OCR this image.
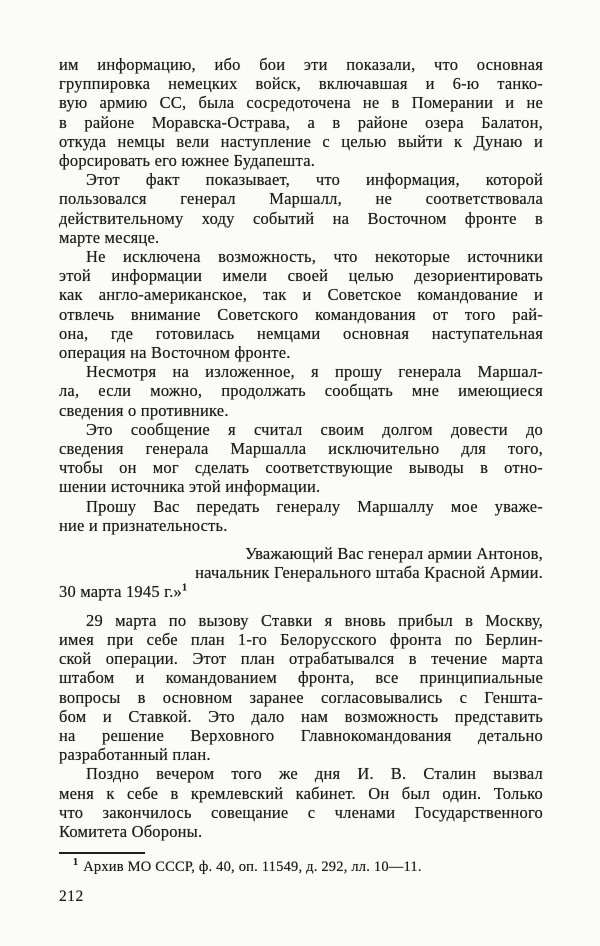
им информацию, ибо бои эти показали, что основная
группировка немецких войск, включавшая и 6-ю танко-
вую армию СС, была сосредоточена не в Померании и не
в районе Моравска-Острава, а в районе озера Балатон,
откуда немцы вели наступление с целью выйти к Дунаю и
форсировать его южнее Будапешта.
Этот факт показывает, что информация, которой
пользовался генерал Маршалл, не соответствовала
действительному ходу событий на Восточном фронте в
марте месяце.
Не исключена возможность, что некоторые источники
этой информации имели своей целью дезориентировать
как англо-американское, так и Советское командование и
отвлечь внимание Советского командования от того рай-
она, где готовилась немцами основная наступательная
операция на Восточном фронте.
Несмотря на изложенное, я прошу генерала Маршал-
ла, если можно, продолжать сообщать мне имеющиеся
сведения о противнике.
Это сообщение я считал своим долгом довести до
сведения генерала Маршалла исключительно для того,
чтобы он мог сделать соответствующие выводы в отно-
шении источника этой информации.
Прошу Вас передать генералу Маршаллу мое уваже-
ние и признательность.
Уважающий Вас генерал армии Антонов,
начальник Генерального штаба Красной Армии.
30 марта 1945 г.»$^1$
29 марта по вызову Ставки я вновь прибыл в Москву,
имея при себе план 1-го Белорусского фронта по Берлин-
ской операции. Этот план отрабатывался в течение марта
штабом и командованием фронта, все принципиальные
вопросы в основном заранее согласовывались с Геншта-
бом и Ставкой. Это дало нам возможность представить
на решение Верховного Главнокомандования детально
разработанный план.
Поздно вечером того же дня И. В. Сталин вызвал
меня к себе в кремлевский кабинет. Он был один. Только
что закончилось совещание с членами Государственного
Комитета Обороны.
$^1$ Архив МО СССР, ф. 40, оп. 11549, д. 292, лл. 10—11.
212
